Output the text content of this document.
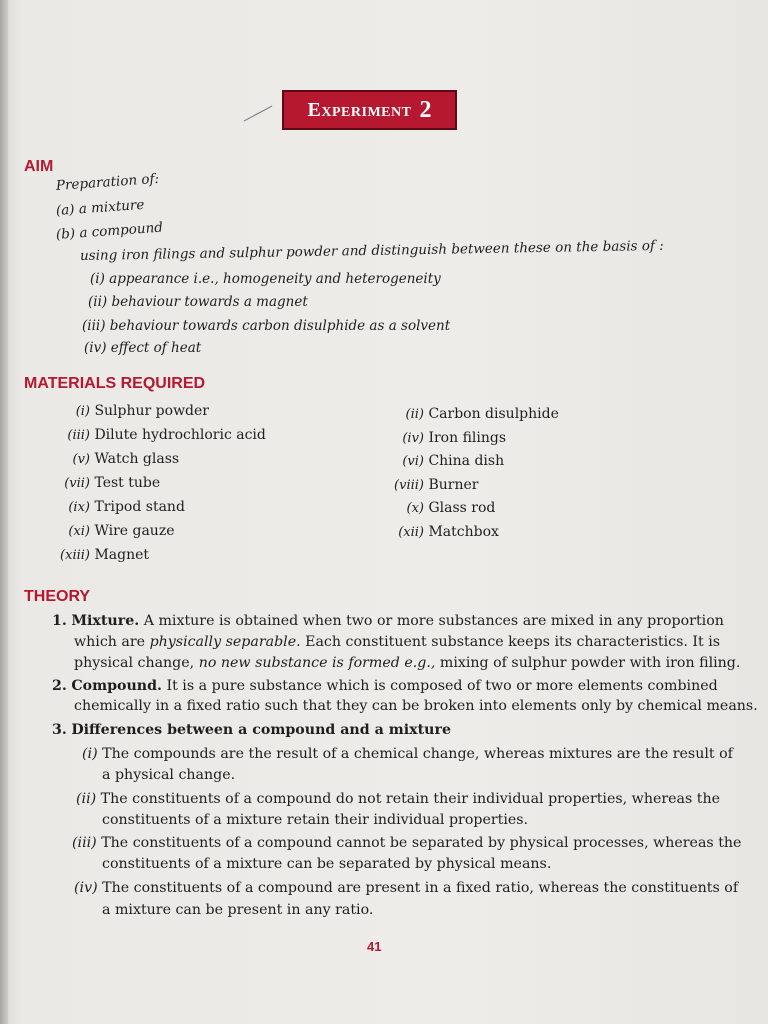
Experiment 2
AIM
Preparation of:
(a) a mixture
(b) a compound
using iron filings and sulphur powder and distinguish between these on the basis of :
(i) appearance i.e., homogeneity and heterogeneity
(ii) behaviour towards a magnet
(iii) behaviour towards carbon disulphide as a solvent
(iv) effect of heat
MATERIALS REQUIRED
(i) Sulphur powder
(iii) Dilute hydrochloric acid
(v) Watch glass
(vii) Test tube
(ix) Tripod stand
(xi) Wire gauze
(xiii) Magnet
(ii) Carbon disulphide
(iv) Iron filings
(vi) China dish
(viii) Burner
(x) Glass rod
(xii) Matchbox
THEORY
1. Mixture. A mixture is obtained when two or more substances are mixed in any proportion
which are physically separable. Each constituent substance keeps its characteristics. It is
physical change, no new substance is formed e.g., mixing of sulphur powder with iron filing.
2. Compound. It is a pure substance which is composed of two or more elements combined
chemically in a fixed ratio such that they can be broken into elements only by chemical means.
3. Differences between a compound and a mixture
(i) The compounds are the result of a chemical change, whereas mixtures are the result of
a physical change.
(ii) The constituents of a compound do not retain their individual properties, whereas the
constituents of a mixture retain their individual properties.
(iii) The constituents of a compound cannot be separated by physical processes, whereas the
constituents of a mixture can be separated by physical means.
(iv) The constituents of a compound are present in a fixed ratio, whereas the constituents of
a mixture can be present in any ratio.
41
